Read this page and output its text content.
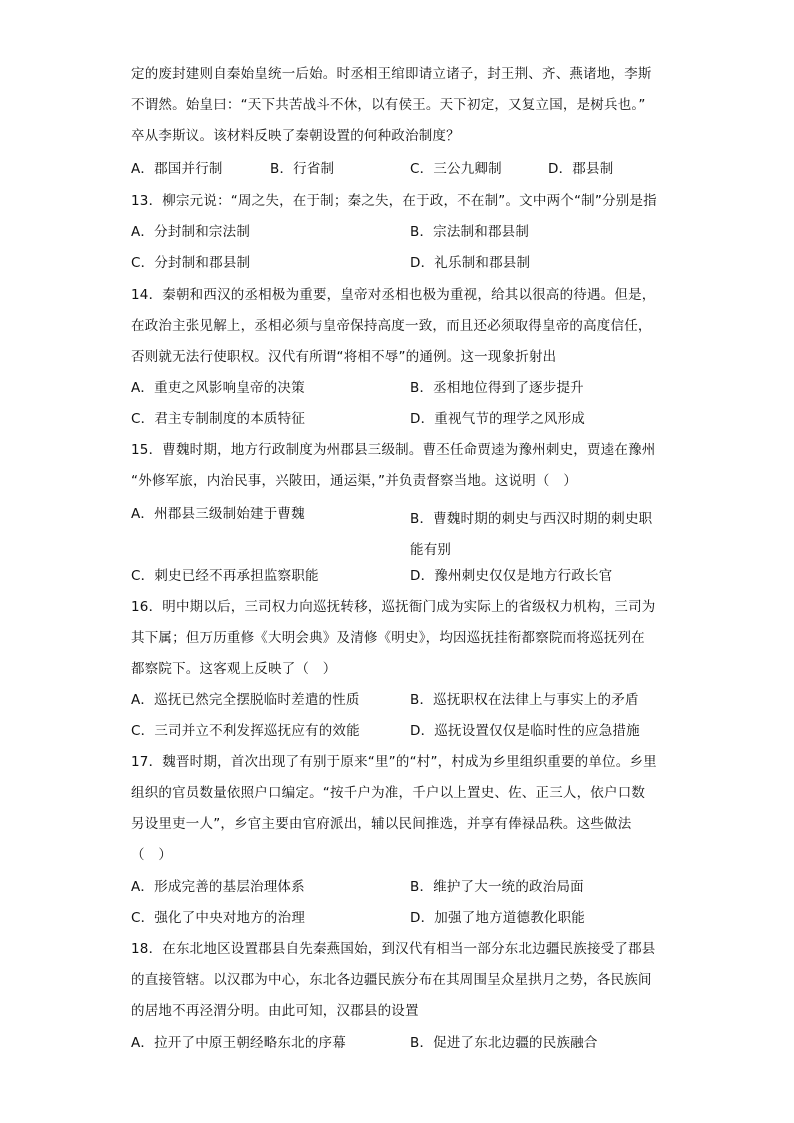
定的废封建则自秦始皇统一后始。时丞相王绾即请立诸子，封王荆、齐、燕诸地，李斯
不谓然。始皇曰：“天下共苦战斗不休，以有侯王。天下初定，又复立国，是树兵也。”
卒从李斯议。该材料反映了秦朝设置的何种政治制度？
A．郡国并行制	B．行省制	C．三公九卿制	D．郡县制
13．柳宗元说：“周之失，在于制；秦之失，在于政，不在制”。文中两个“制”分别是指
A．分封制和宗法制	B．宗法制和郡县制
C．分封制和郡县制	D．礼乐制和郡县制
14．秦朝和西汉的丞相极为重要，皇帝对丞相也极为重视，给其以很高的待遇。但是，
在政治主张见解上，丞相必须与皇帝保持高度一致，而且还必须取得皇帝的高度信任，
否则就无法行使职权。汉代有所谓“将相不辱”的通例。这一现象折射出
A．重吏之风影响皇帝的决策	B．丞相地位得到了逐步提升
C．君主专制制度的本质特征	D．重视气节的理学之风形成
15．曹魏时期，地方行政制度为州郡县三级制。曹丕任命贾逵为豫州刺史，贾逵在豫州
“外修军旅，内治民事，兴陂田，通运渠，”并负责督察当地。这说明（　）
A．州郡县三级制始建于曹魏	B．曹魏时期的刺史与西汉时期的刺史职能有别
C．刺史已经不再承担监察职能	D．豫州刺史仅仅是地方行政长官
16．明中期以后，三司权力向巡抚转移，巡抚衙门成为实际上的省级权力机构，三司为
其下属；但万历重修《大明会典》及清修《明史》，均因巡抚挂衔都察院而将巡抚列在
都察院下。这客观上反映了（　）
A．巡抚已然完全摆脱临时差遣的性质	B．巡抚职权在法律上与事实上的矛盾
C．三司并立不利发挥巡抚应有的效能	D．巡抚设置仅仅是临时性的应急措施
17．魏晋时期，首次出现了有别于原来“里”的“村”，村成为乡里组织重要的单位。乡里
组织的官员数量依照户口编定。“按千户为准，千户以上置史、佐、正三人，依户口数
另设里吏一人”，乡官主要由官府派出，辅以民间推选，并享有俸禄品秩。这些做法
（　）
A．形成完善的基层治理体系	B．维护了大一统的政治局面
C．强化了中央对地方的治理	D．加强了地方道德教化职能
18．在东北地区设置郡县自先秦燕国始，到汉代有相当一部分东北边疆民族接受了郡县
的直接管辖。以汉郡为中心，东北各边疆民族分布在其周围呈众星拱月之势，各民族间
的居地不再泾渭分明。由此可知，汉郡县的设置
A．拉开了中原王朝经略东北的序幕	B．促进了东北边疆的民族融合
